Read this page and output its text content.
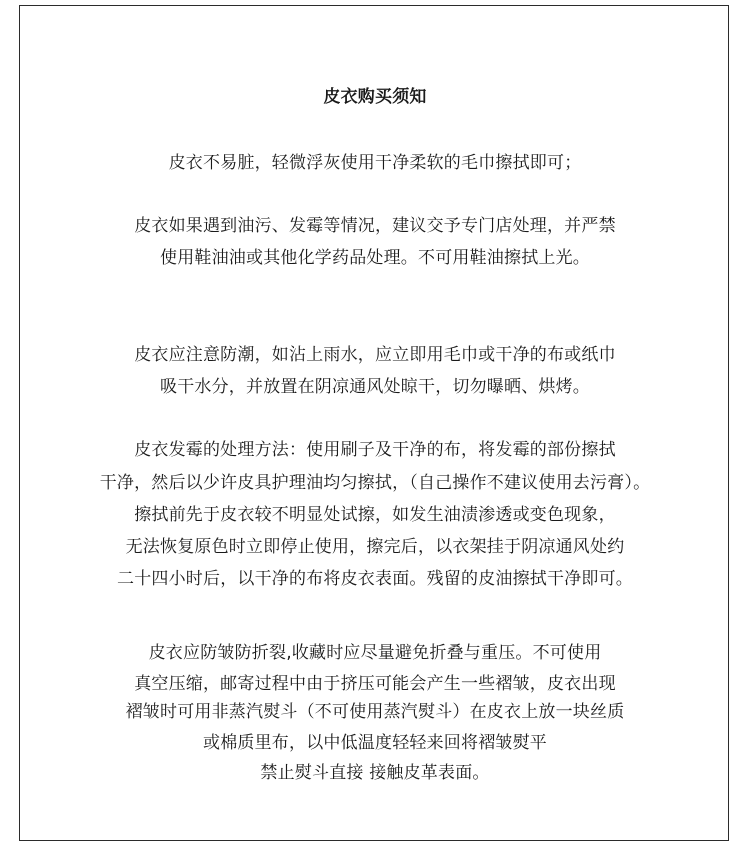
皮衣购买须知
皮衣不易脏，轻微浮灰使用干净柔软的毛巾擦拭即可；
皮衣如果遇到油污、发霉等情况，建议交予专门店处理，并严禁
使用鞋油油或其他化学药品处理。不可用鞋油擦拭上光。
皮衣应注意防潮，如沾上雨水，应立即用毛巾或干净的布或纸巾
吸干水分，并放置在阴凉通风处晾干，切勿曝晒、烘烤。
皮衣发霉的处理方法：使用刷子及干净的布，将发霉的部份擦拭
干净，然后以少许皮具护理油均匀擦拭，（自己操作不建议使用去污膏）。
擦拭前先于皮衣较不明显处试擦，如发生油渍渗透或变色现象，
无法恢复原色时立即停止使用，擦完后，以衣架挂于阴凉通风处约
二十四小时后，以干净的布将皮衣表面。残留的皮油擦拭干净即可。
皮衣应防皱防折裂,收藏时应尽量避免折叠与重压。不可使用
真空压缩，邮寄过程中由于挤压可能会产生一些褶皱，皮衣出现
褶皱时可用非蒸汽熨斗（不可使用蒸汽熨斗）在皮衣上放一块丝质
或棉质里布，以中低温度轻轻来回将褶皱熨平
禁止熨斗直接 接触皮革表面。
